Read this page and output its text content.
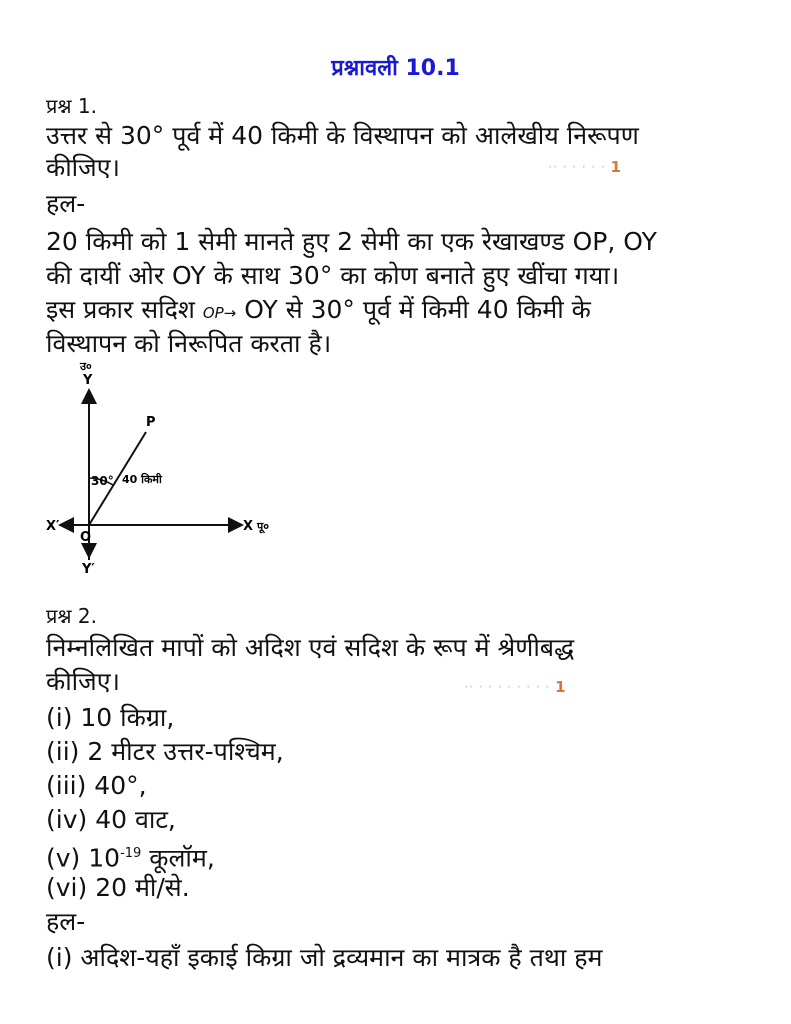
प्रश्नावली 10.1
प्रश्न 1.
उत्तर से 30° पूर्व में 40 किमी के विस्थापन को आलेखीय निरूपण
कीजिए।	·· · · · · · 1
हल-
20 किमी को 1 सेमी मानते हुए 2 सेमी का एक रेखाखण्ड OP, OY
की दायीं ओर OY के साथ 30° का कोण बनाते हुए खींचा गया।
इस प्रकार सदिश OP→ OY से 30° पूर्व में किमी 40 किमी के
विस्थापन को निरूपित करता है।
उ०
Y
Y′
X पू०
X′
O
P
30° 40 किमी
प्रश्न 2.
निम्नलिखित मापों को अदिश एवं सदिश के रूप में श्रेणीबद्ध
कीजिए।	·· · · · · · · · · 1
(i) 10 किग्रा,
(ii) 2 मीटर उत्तर-पश्चिम,
(iii) 40°,
(iv) 40 वाट,
(v) $10^{-19}$ कूलॉम,
(vi) 20 मी/से.
हल-
(i) अदिश-यहाँ इकाई किग्रा जो द्रव्यमान का मात्रक है तथा हम
